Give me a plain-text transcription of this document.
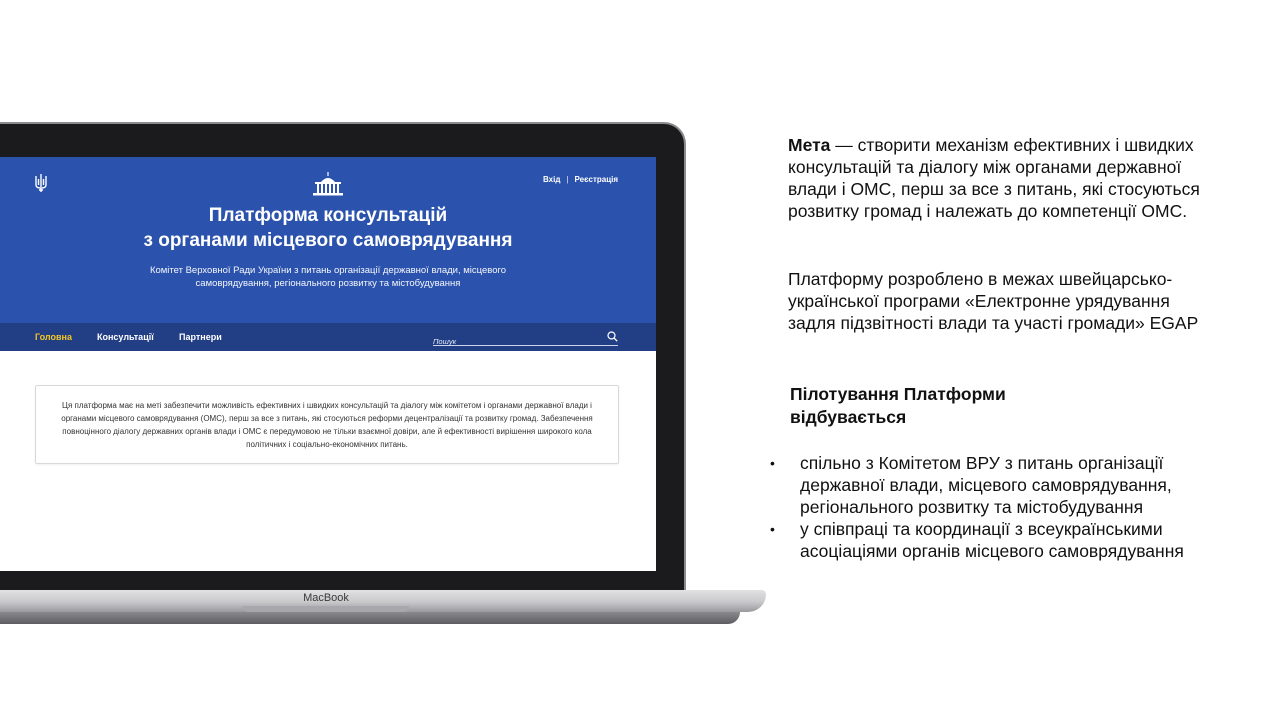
MacBook
Вхід | Реєстрація
Платформа консультацій
з органами місцевого самоврядування
Комітет Верховної Ради України з питань організації державної влади, місцевого
самоврядування, регіонального розвитку та містобудування
Головна	Консультації	Партнери
Пошук
Ця платформа має на меті забезпечити можливість ефективних і швидких консультацій та діалогу між комітетом і органами державної влади і органами місцевого самоврядування (ОМС), перш за все з питань, які стосуються реформи децентралізації та розвитку громад. Забезпечення повноцінного діалогу державних органів влади і ОМС є передумовою не тільки взаємної довіри, але й ефективності вирішення широкого кола політичних і соціально-економічних питань.
Мета — створити механізм ефективних і швидких консультацій та діалогу між органами державної влади і ОМС, перш за все з питань, які стосуються розвитку громад і належать до компетенції ОМС.
Платформу розроблено в межах швейцарсько-української програми «Електронне урядування задля підзвітності влади та участі громади» EGAP
Пілотування Платформи відбувається
• спільно з Комітетом ВРУ з питань організації державної влади, місцевого самоврядування, регіонального розвитку та містобудування
• у співпраці та координації з всеукраїнськими асоціаціями органів місцевого самоврядування
